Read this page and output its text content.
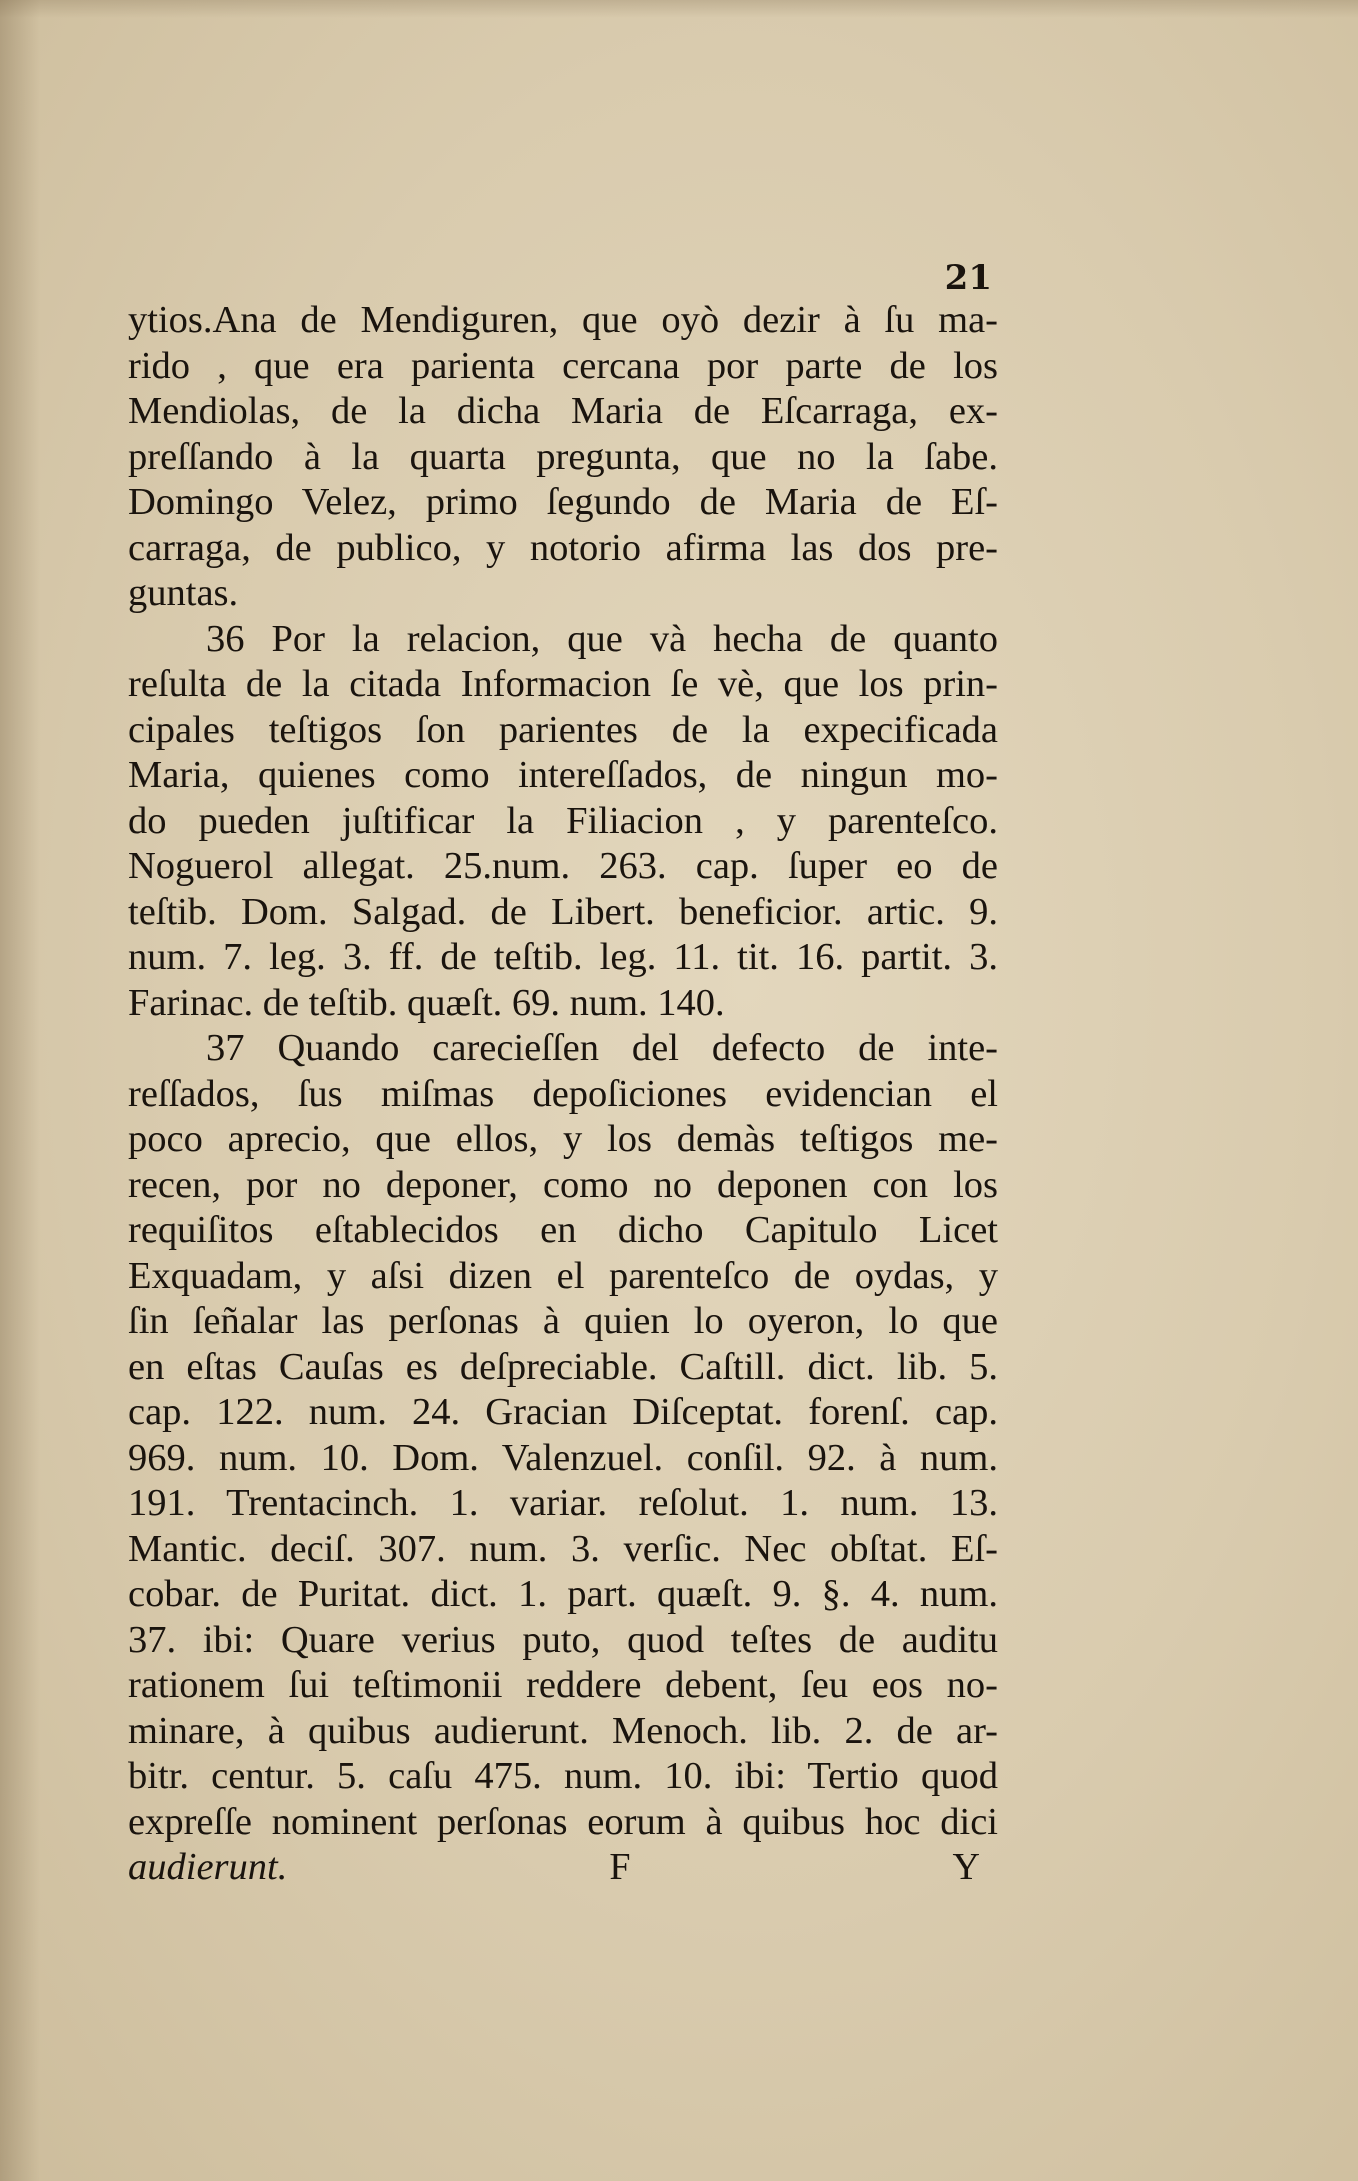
21
ytios.Ana de Mendiguren, que oyò dezir à ſu ma-
rido , que era parienta cercana por parte de los
Mendiolas, de la dicha Maria de Eſcarraga, ex-
preſſando à la quarta pregunta, que no la ſabe.
Domingo Velez, primo ſegundo de Maria de Eſ-
carraga, de publico, y notorio afirma las dos pre-
guntas.
36 Por la relacion, que và hecha de quanto
reſulta de la citada Informacion ſe vè, que los prin-
cipales teſtigos ſon parientes de la expecificada
Maria, quienes como intereſſados, de ningun mo-
do pueden juſtificar la Filiacion , y parenteſco.
Noguerol allegat. 25.num. 263. cap. ſuper eo de
teſtib. Dom. Salgad. de Libert. beneficior. artic. 9.
num. 7. leg. 3. ff. de teſtib. leg. 11. tit. 16. partit. 3.
Farinac. de teſtib. quæſt. 69. num. 140.
37 Quando carecieſſen del defecto de inte-
reſſados, ſus miſmas depoſiciones evidencian el
poco aprecio, que ellos, y los demàs teſtigos me-
recen, por no deponer, como no deponen con los
requiſitos eſtablecidos en dicho Capitulo Licet
Exquadam, y aſsi dizen el parenteſco de oydas, y
ſin ſeñalar las perſonas à quien lo oyeron, lo que
en eſtas Cauſas es deſpreciable. Caſtill. dict. lib. 5.
cap. 122. num. 24. Gracian Diſceptat. forenſ. cap.
969. num. 10. Dom. Valenzuel. conſil. 92. à num.
191. Trentacinch. 1. variar. reſolut. 1. num. 13.
Mantic. deciſ. 307. num. 3. verſic. Nec obſtat. Eſ-
cobar. de Puritat. dict. 1. part. quæſt. 9. §. 4. num.
37. ibi: Quare verius puto, quod teſtes de auditu
rationem ſui teſtimonii reddere debent, ſeu eos no-
minare, à quibus audierunt. Menoch. lib. 2. de ar-
bitr. centur. 5. caſu 475. num. 10. ibi: Tertio quod
expreſſe nominent perſonas eorum à quibus hoc dici
audierunt.	F	Y
